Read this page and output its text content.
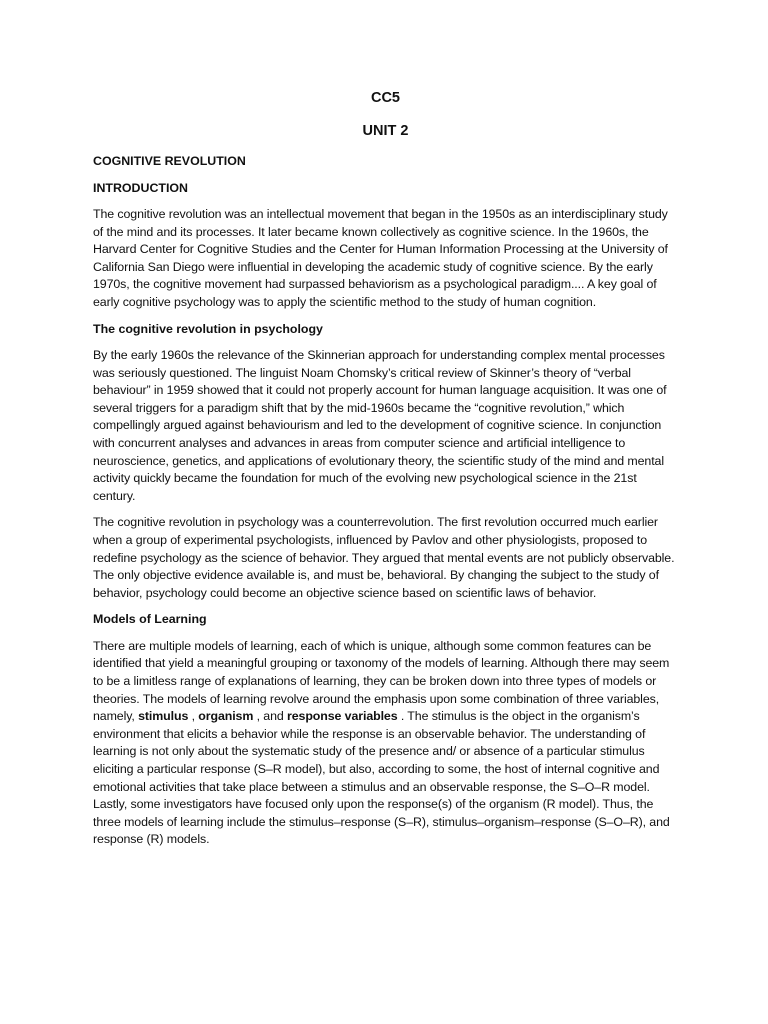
CC5

UNIT 2

COGNITIVE REVOLUTION

INTRODUCTION

The cognitive revolution was an intellectual movement that began in the 1950s as an interdisciplinary study of the mind and its processes. It later became known collectively as cognitive science. In the 1960s, the Harvard Center for Cognitive Studies and the Center for Human Information Processing at the University of California San Diego were influential in developing the academic study of cognitive science. By the early 1970s, the cognitive movement had surpassed behaviorism as a psychological paradigm.... A key goal of early cognitive psychology was to apply the scientific method to the study of human cognition.

The cognitive revolution in psychology

By the early 1960s the relevance of the Skinnerian approach for understanding complex mental processes was seriously questioned. The linguist Noam Chomsky’s critical review of Skinner’s theory of “verbal behaviour” in 1959 showed that it could not properly account for human language acquisition. It was one of several triggers for a paradigm shift that by the mid-1960s became the “cognitive revolution,” which compellingly argued against behaviourism and led to the development of cognitive science. In conjunction with concurrent analyses and advances in areas from computer science and artificial intelligence to neuroscience, genetics, and applications of evolutionary theory, the scientific study of the mind and mental activity quickly became the foundation for much of the evolving new psychological science in the 21st century.

The cognitive revolution in psychology was a counterrevolution. The first revolution occurred much earlier when a group of experimental psychologists, influenced by Pavlov and other physiologists, proposed to redefine psychology as the science of behavior. They argued that mental events are not publicly observable. The only objective evidence available is, and must be, behavioral. By changing the subject to the study of behavior, psychology could become an objective science based on scientific laws of behavior.

Models of Learning

There are multiple models of learning, each of which is unique, although some common features can be identified that yield a meaningful grouping or taxonomy of the models of learning. Although there may seem to be a limitless range of explanations of learning, they can be broken down into three types of models or theories. The models of learning revolve around the emphasis upon some combination of three variables, namely, stimulus , organism , and response variables . The stimulus is the object in the organism’s environment that elicits a behavior while the response is an observable behavior. The understanding of learning is not only about the systematic study of the presence and/ or absence of a particular stimulus eliciting a particular response (S–R model), but also, according to some, the host of internal cognitive and emotional activities that take place between a stimulus and an observable response, the S–O–R model. Lastly, some investigators have focused only upon the response(s) of the organism (R model). Thus, the three models of learning include the stimulus–response (S–R), stimulus–organism–response (S–O–R), and response (R) models.
